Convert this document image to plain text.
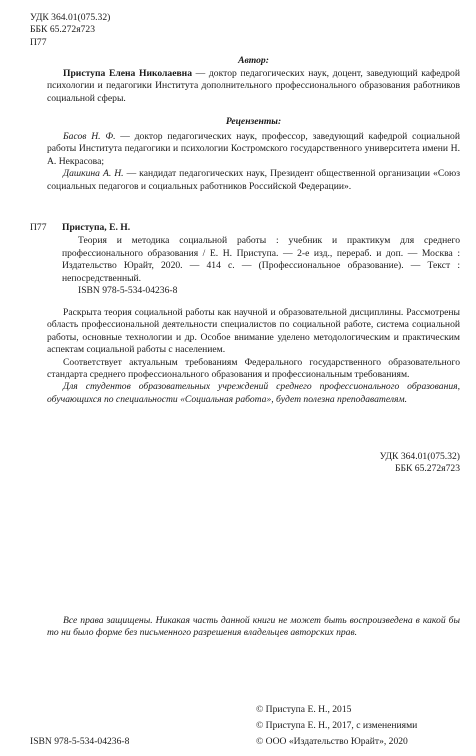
УДК 364.01(075.32)
ББК 65.272я723
П77
Автор:

Приступа Елена Николаевна — доктор педагогических наук, доцент, заведующий кафедрой психологии и педагогики Института дополнительного профессионального образования работников социальной сферы.

Рецензенты:

Басов Н. Ф. — доктор педагогических наук, профессор, заведующий кафедрой социальной работы Института педагогики и психологии Костромского государственного университета имени Н. А. Некрасова;

Дашкина А. Н. — кандидат педагогических наук, Президент общественной организации «Союз социальных педагогов и социальных работников Российской Федерации».

П77 Приступа, Е. Н.

Теория и методика социальной работы : учебник и практикум для среднего профессионального образования / Е. Н. Приступа. — 2-е изд., перераб. и доп. — Москва : Издательство Юрайт, 2020. — 414 с. — (Профессиональное образование). — Текст : непосредственный.

ISBN 978-5-534-04236-8

Раскрыта теория социальной работы как научной и образовательной дисциплины. Рассмотрены область профессиональной деятельности специалистов по социальной работе, система социальной работы, основные технологии и др. Особое внимание уделено методологическим и практическим аспектам социальной работы с населением.

Соответствует актуальным требованиям Федерального государственного образовательного стандарта среднего профессионального образования и профессиональным требованиям.

Для студентов образовательных учреждений среднего профессионального образования, обучающихся по специальности «Социальная работа», будет полезна преподавателям.

УДК 364.01(075.32)
ББК 65.272я723
Все права защищены. Никакая часть данной книги не может быть воспроизведена в какой бы то ни было форме без письменного разрешения владельцев авторских прав.
ISBN 978-5-534-04236-8
© Приступа Е. Н., 2015
© Приступа Е. Н., 2017, с изменениями
© ООО «Издательство Юрайт», 2020
